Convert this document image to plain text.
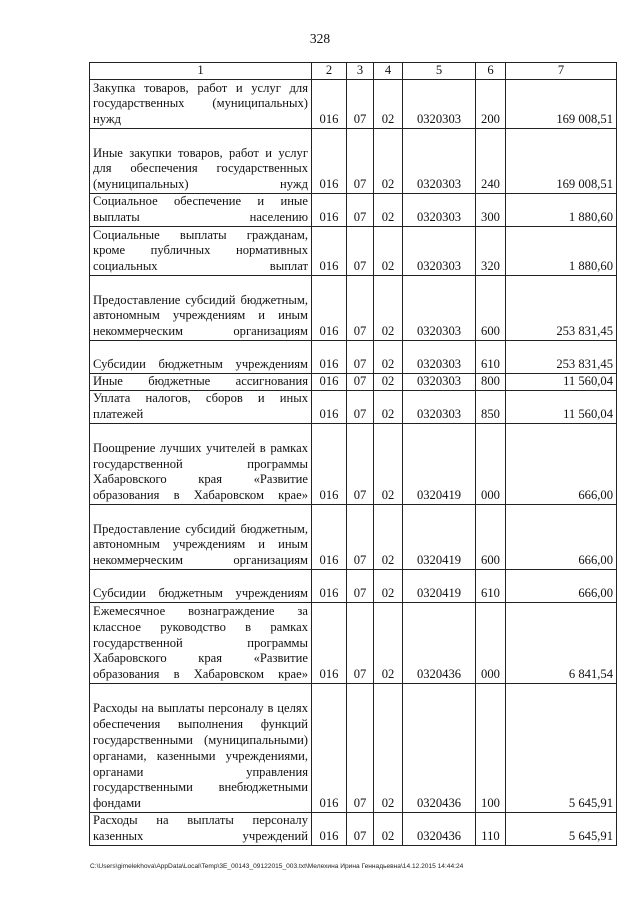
328
1	2	3	4	5	6	7
Закупка товаров, работ и услуг для государственных (муниципальных) нужд	016	07	02	0320303	200	169 008,51
Иные закупки товаров, работ и услуг для обеспечения государственных (муниципальных) нужд	016	07	02	0320303	240	169 008,51
Социальное обеспечение и иные выплаты населению	016	07	02	0320303	300	1 880,60
Социальные выплаты гражданам, кроме публичных нормативных социальных выплат	016	07	02	0320303	320	1 880,60
Предоставление субсидий бюджетным, автономным учреждениям и иным некоммерческим организациям	016	07	02	0320303	600	253 831,45
Субсидии бюджетным учреждениям	016	07	02	0320303	610	253 831,45
Иные бюджетные ассигнования	016	07	02	0320303	800	11 560,04
Уплата налогов, сборов и иных платежей	016	07	02	0320303	850	11 560,04
Поощрение лучших учителей в рамках государственной программы Хабаровского края «Развитие образования в Хабаровском крае»	016	07	02	0320419	000	666,00
Предоставление субсидий бюджетным, автономным учреждениям и иным некоммерческим организациям	016	07	02	0320419	600	666,00
Субсидии бюджетным учреждениям	016	07	02	0320419	610	666,00
Ежемесячное вознаграждение за классное руководство в рамках государственной программы Хабаровского края «Развитие образования в Хабаровском крае»	016	07	02	0320436	000	6 841,54
Расходы на выплаты персоналу в целях обеспечения выполнения функций государственными (муниципальными) органами, казенными учреждениями, органами управления государственными внебюджетными фондами	016	07	02	0320436	100	5 645,91
Расходы на выплаты персоналу казенных учреждений	016	07	02	0320436	110	5 645,91
C:\Users\gimelekhova\AppData\Local\Temp\3E_00143_09122015_003.txt\Мелехина Ирина Геннадьевна\14.12.2015 14:44:24
